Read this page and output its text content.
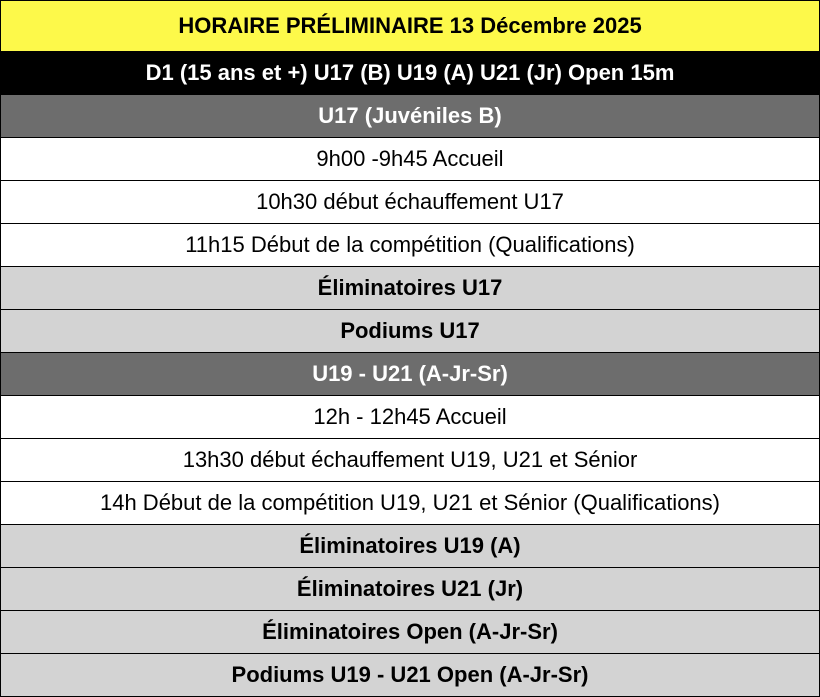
HORAIRE PRÉLIMINAIRE 13 Décembre 2025
D1 (15 ans et +) U17 (B) U19 (A) U21 (Jr) Open 15m
U17 (Juvéniles B)
9h00 -9h45 Accueil
10h30 début échauffement U17
11h15 Début de la compétition (Qualifications)
Éliminatoires U17
Podiums U17
U19 - U21 (A-Jr-Sr)
12h - 12h45 Accueil
13h30 début échauffement U19, U21 et Sénior
14h Début de la compétition U19, U21 et Sénior (Qualifications)
Éliminatoires U19 (A)
Éliminatoires U21 (Jr)
Éliminatoires Open (A-Jr-Sr)
Podiums U19 - U21 Open (A-Jr-Sr)
